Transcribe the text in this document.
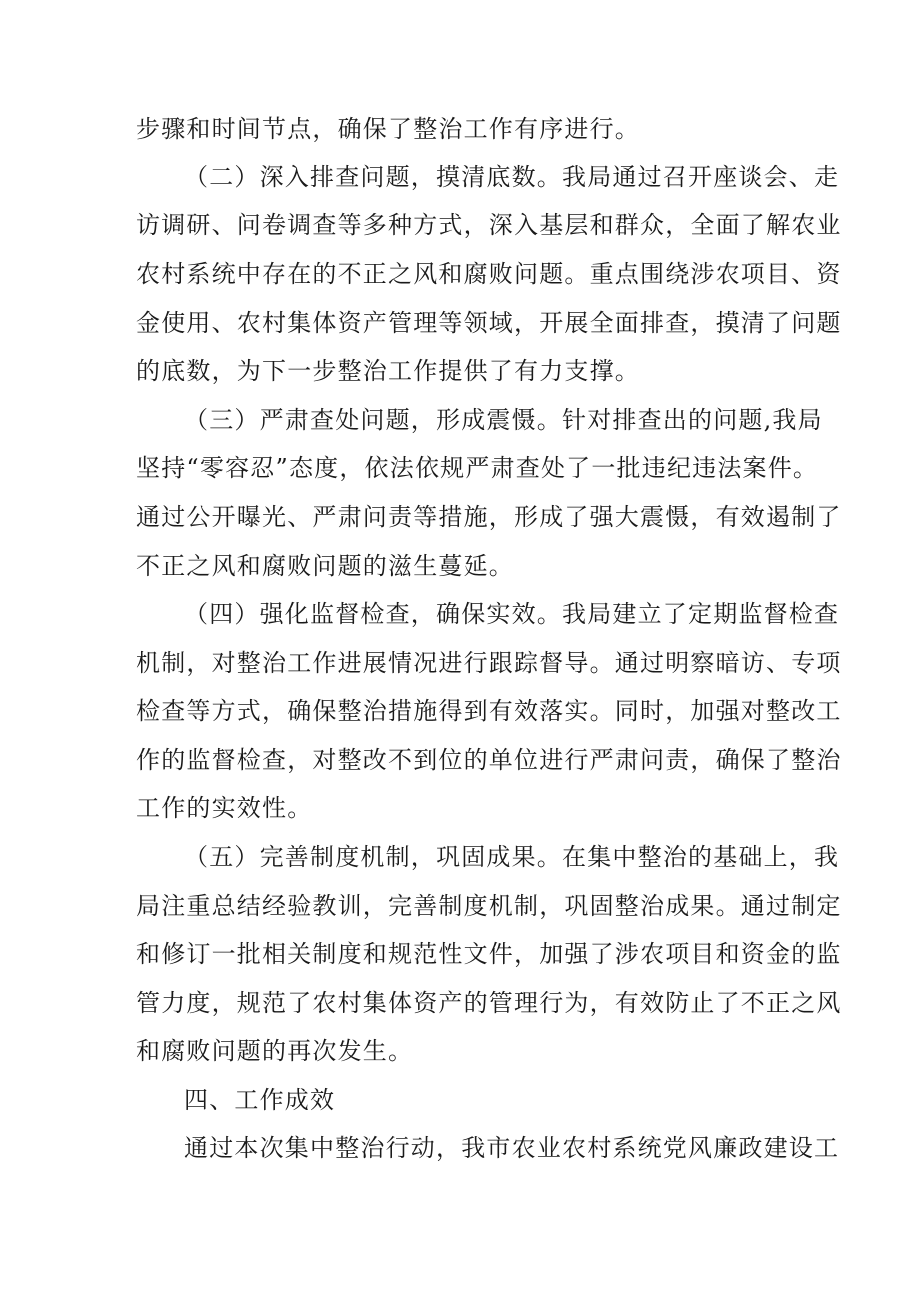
步骤和时间节点，确保了整治工作有序进行。
（二）深入排查问题，摸清底数。我局通过召开座谈会、走
访调研、问卷调查等多种方式，深入基层和群众，全面了解农业
农村系统中存在的不正之风和腐败问题。重点围绕涉农项目、资
金使用、农村集体资产管理等领域，开展全面排查，摸清了问题
的底数，为下一步整治工作提供了有力支撑。
（三）严肃查处问题，形成震慑。针对排查出的问题,我局
坚持“零容忍”态度，依法依规严肃查处了一批违纪违法案件。
通过公开曝光、严肃问责等措施，形成了强大震慑，有效遏制了
不正之风和腐败问题的滋生蔓延。
（四）强化监督检查，确保实效。我局建立了定期监督检查
机制，对整治工作进展情况进行跟踪督导。通过明察暗访、专项
检查等方式，确保整治措施得到有效落实。同时，加强对整改工
作的监督检查，对整改不到位的单位进行严肃问责，确保了整治
工作的实效性。
（五）完善制度机制，巩固成果。在集中整治的基础上，我
局注重总结经验教训，完善制度机制，巩固整治成果。通过制定
和修订一批相关制度和规范性文件，加强了涉农项目和资金的监
管力度，规范了农村集体资产的管理行为，有效防止了不正之风
和腐败问题的再次发生。
四、工作成效
通过本次集中整治行动，我市农业农村系统党风廉政建设工
